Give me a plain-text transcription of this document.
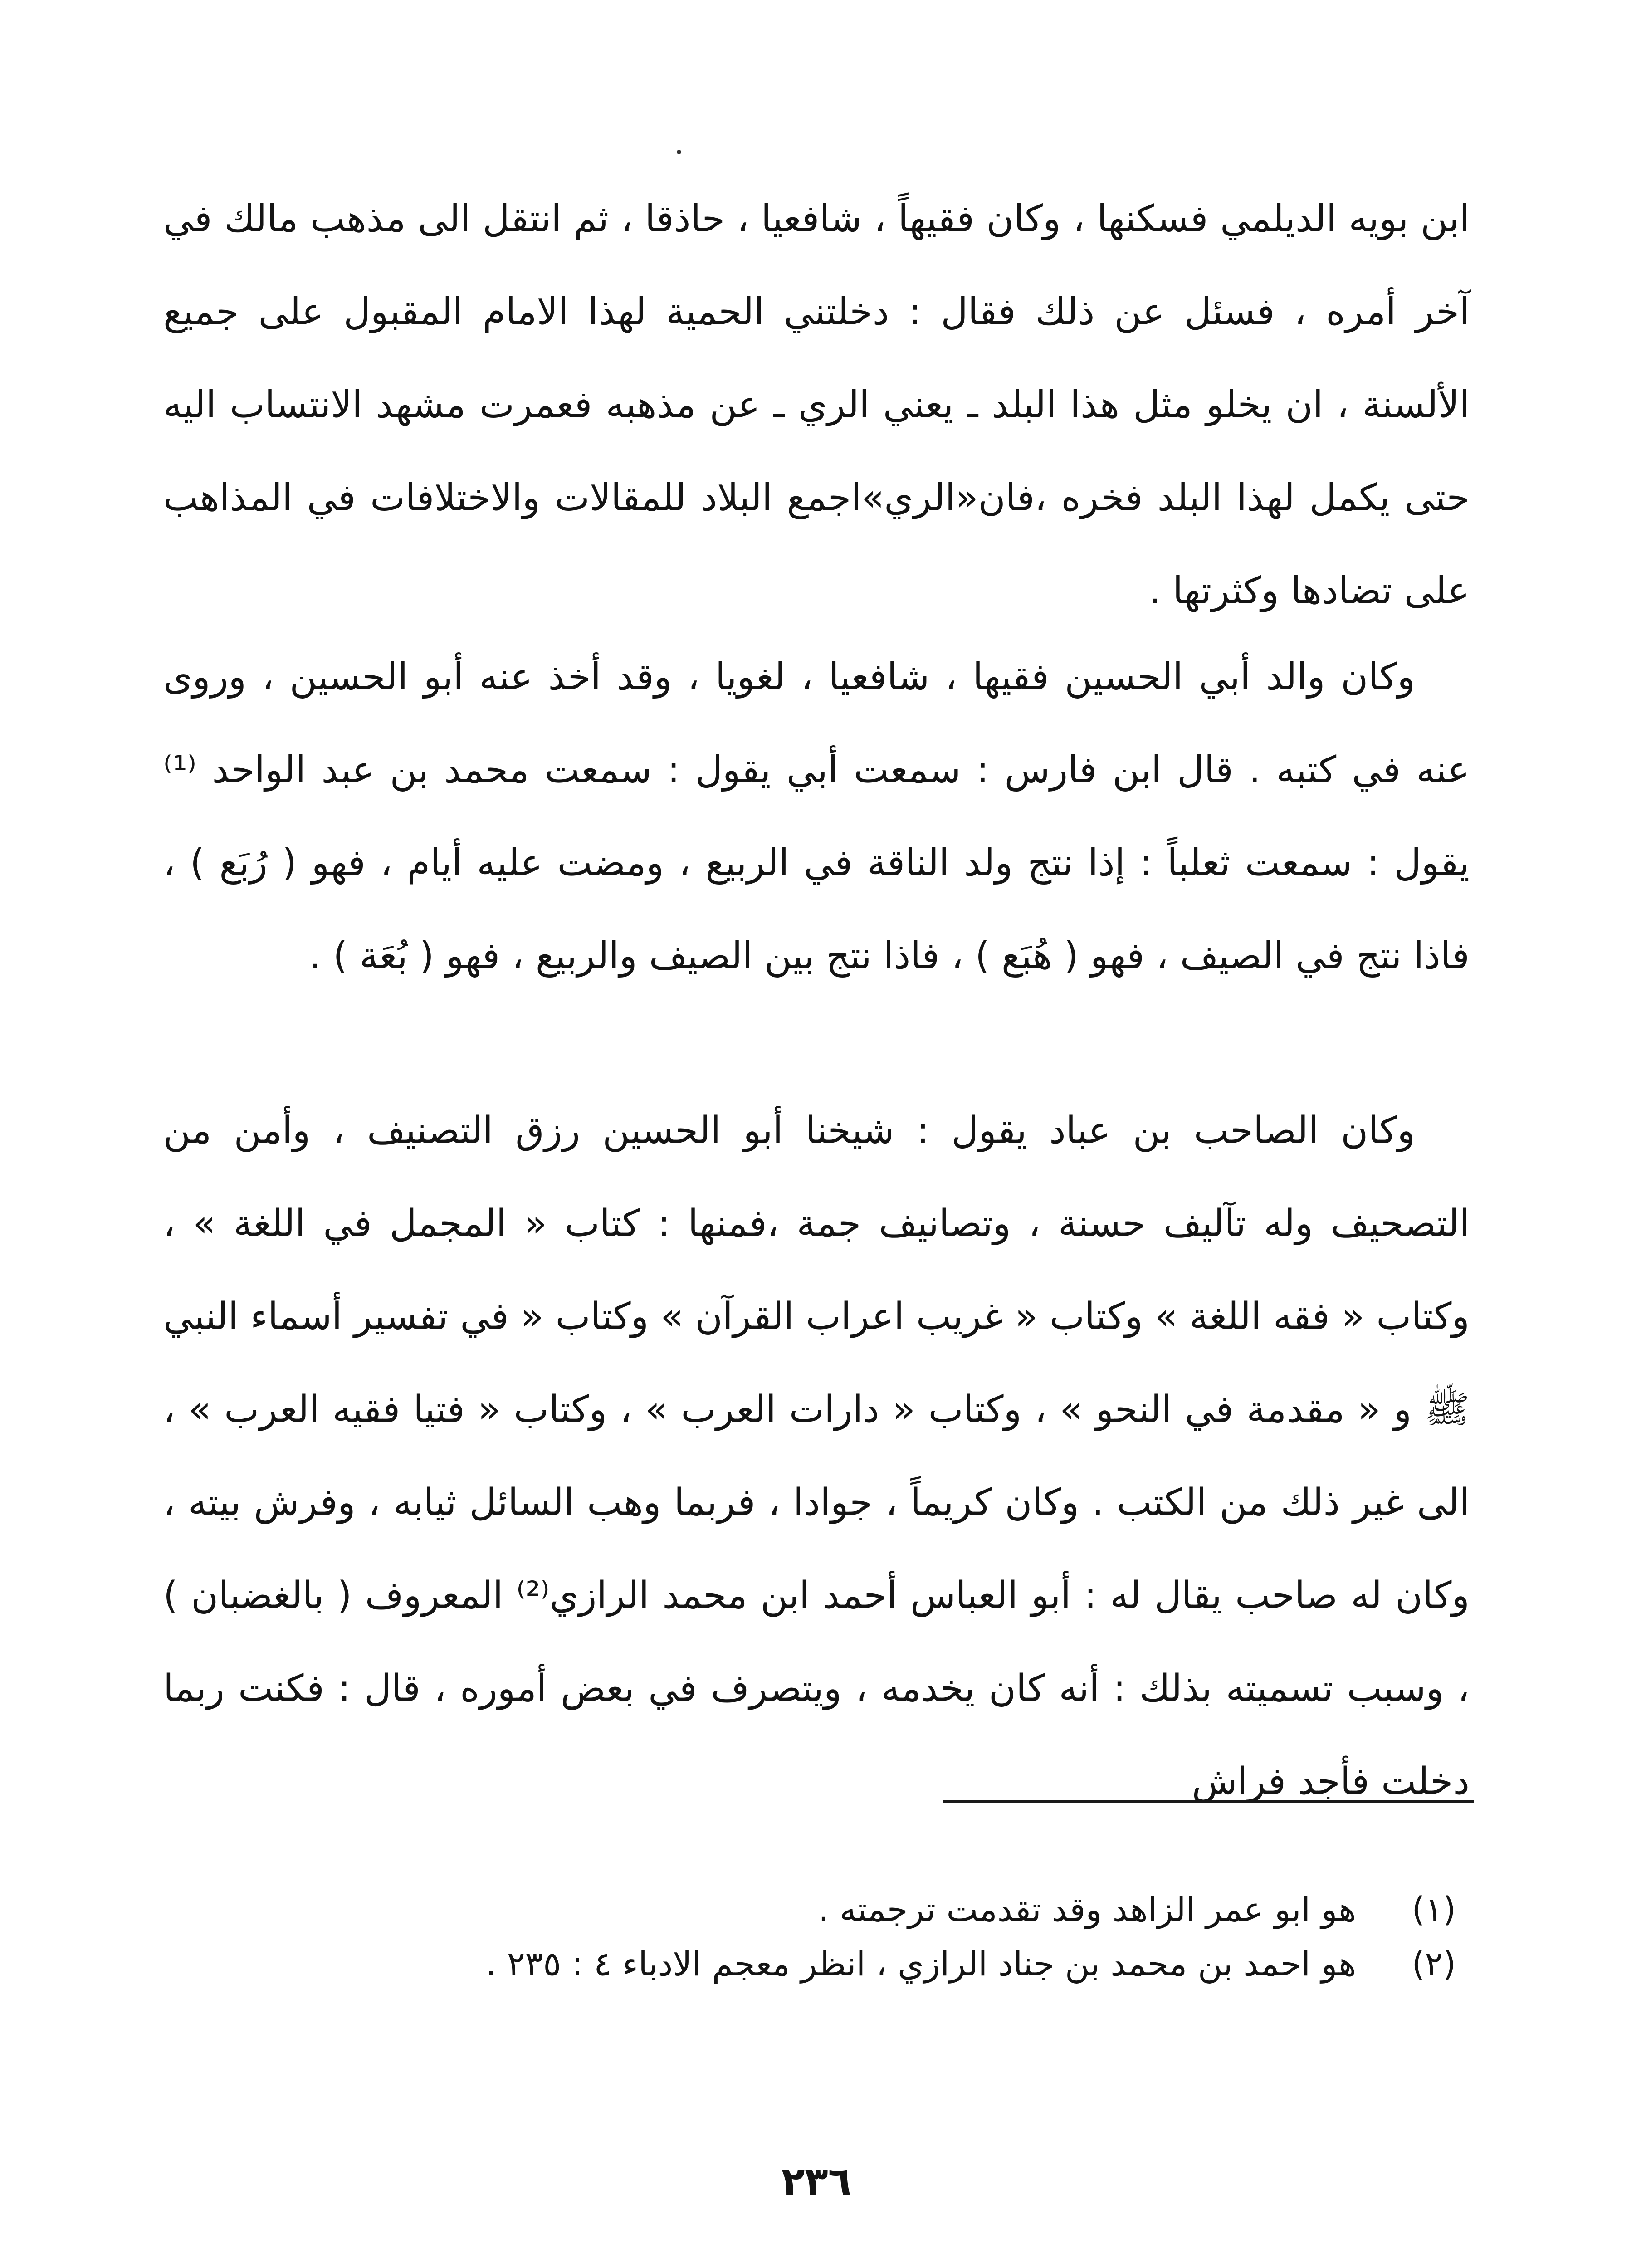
ابن بويه الديلمي فسكنها ، وكان فقيهاً ، شافعيا ، حاذقا ، ثم انتقل الى مذهب مالك في آخر أمره ، فسئل عن ذلك فقال : دخلتني الحمية لهذا الامام المقبول على جميع الألسنة ، ان يخلو مثل هذا البلد ـ يعني الري ـ عن مذهبه فعمرت مشهد الانتساب اليه حتى يكمل لهذا البلد فخره ،فان«الري»اجمع البلاد للمقالات والاختلافات في المذاهب على تضادها وكثرتها .

وكان والد أبي الحسين فقيها ، شافعيا ، لغويا ، وقد أخذ عنه أبو الحسين ، وروى عنه في كتبه . قال ابن فارس : سمعت أبي يقول : سمعت محمد بن عبد الواحد ⁽¹⁾ يقول : سمعت ثعلباً : إذا نتج ولد الناقة في الربيع ، ومضت عليه أيام ، فهو ( رُبَع ) ، فاذا نتج في الصيف ، فهو ( هُبَع ) ، فاذا نتج بين الصيف والربيع ، فهو ( بُعَة ) .

وكان الصاحب بن عباد يقول : شيخنا أبو الحسين رزق التصنيف ، وأمن من التصحيف وله تآليف حسنة ، وتصانيف جمة ،فمنها : كتاب « المجمل في اللغة » ، وكتاب « فقه اللغة » وكتاب « غريب اعراب القرآن » وكتاب « في تفسير أسماء النبي ﷺ و « مقدمة في النحو » ، وكتاب « دارات العرب » ، وكتاب « فتيا فقيه العرب » ، الى غير ذلك من الكتب . وكان كريماً ، جوادا ، فربما وهب السائل ثيابه ، وفرش بيته ، وكان له صاحب يقال له : أبو العباس أحمد ابن محمد الرازي⁽²⁾ المعروف ( بالغضبان ) ، وسبب تسميته بذلك : أنه كان يخدمه ، ويتصرف في بعض أموره ، قال : فكنت ربما دخلت فأجد فراش

(١)
هو ابو عمر الزاهد وقد تقدمت ترجمته .
(٢)
هو احمد بن محمد بن جناد الرازي ، انظر معجم الادباء ٤ : ٢٣٥ .
٢٣٦
